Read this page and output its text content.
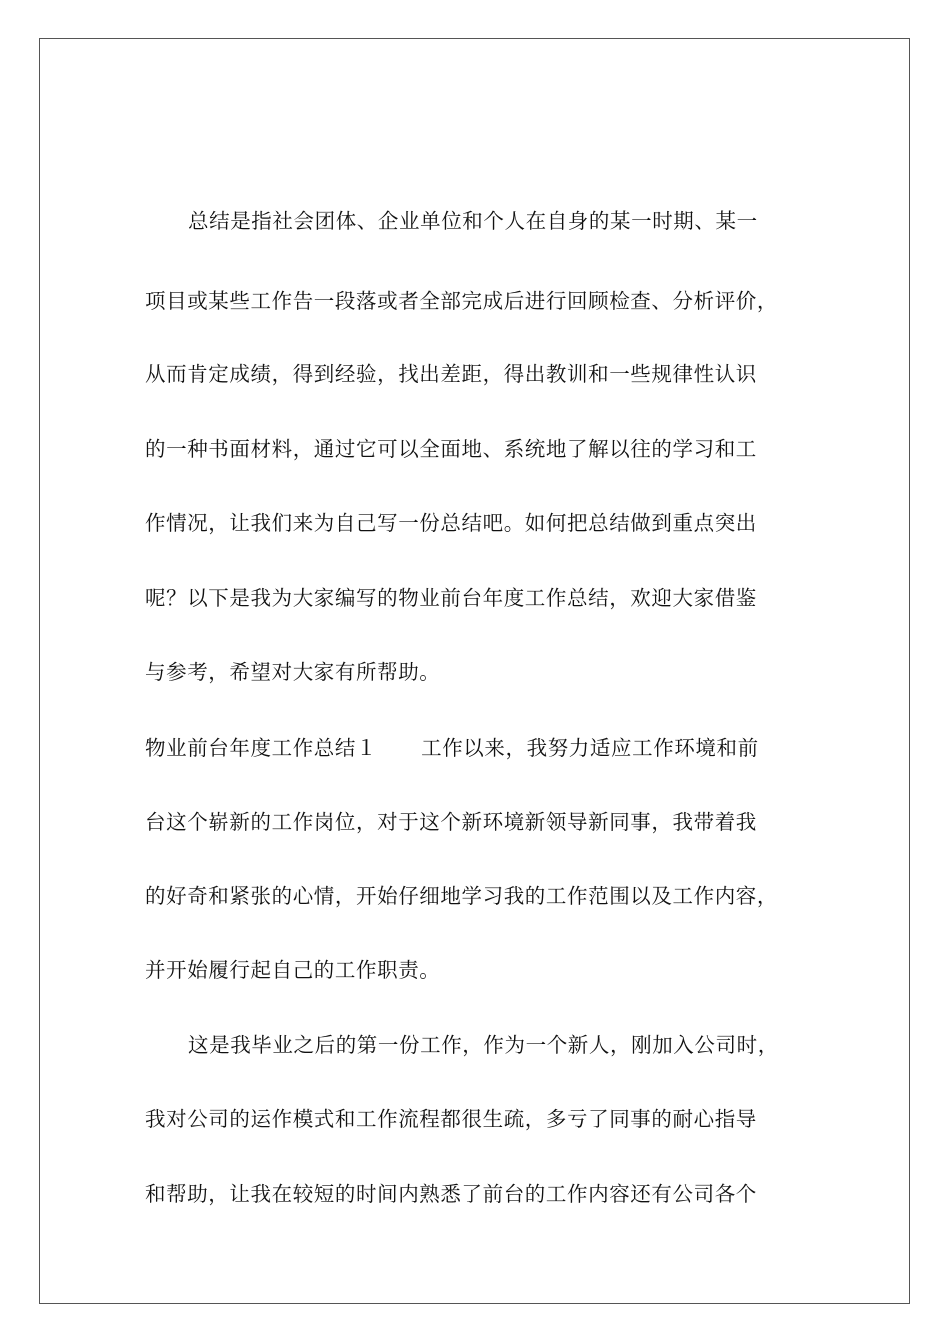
总结是指社会团体、企业单位和个人在自身的某一时期、某一
项目或某些工作告一段落或者全部完成后进行回顾检查、分析评价，
从而肯定成绩，得到经验，找出差距，得出教训和一些规律性认识
的一种书面材料，通过它可以全面地、系统地了解以往的学习和工
作情况，让我们来为自己写一份总结吧。如何把总结做到重点突出
呢？以下是我为大家编写的物业前台年度工作总结，欢迎大家借鉴
与参考，希望对大家有所帮助。
物业前台年度工作总结１ 工作以来，我努力适应工作环境和前
台这个崭新的工作岗位，对于这个新环境新领导新同事，我带着我
的好奇和紧张的心情，开始仔细地学习我的工作范围以及工作内容，
并开始履行起自己的工作职责。
这是我毕业之后的第一份工作，作为一个新人，刚加入公司时，
我对公司的运作模式和工作流程都很生疏，多亏了同事的耐心指导
和帮助，让我在较短的时间内熟悉了前台的工作内容还有公司各个
